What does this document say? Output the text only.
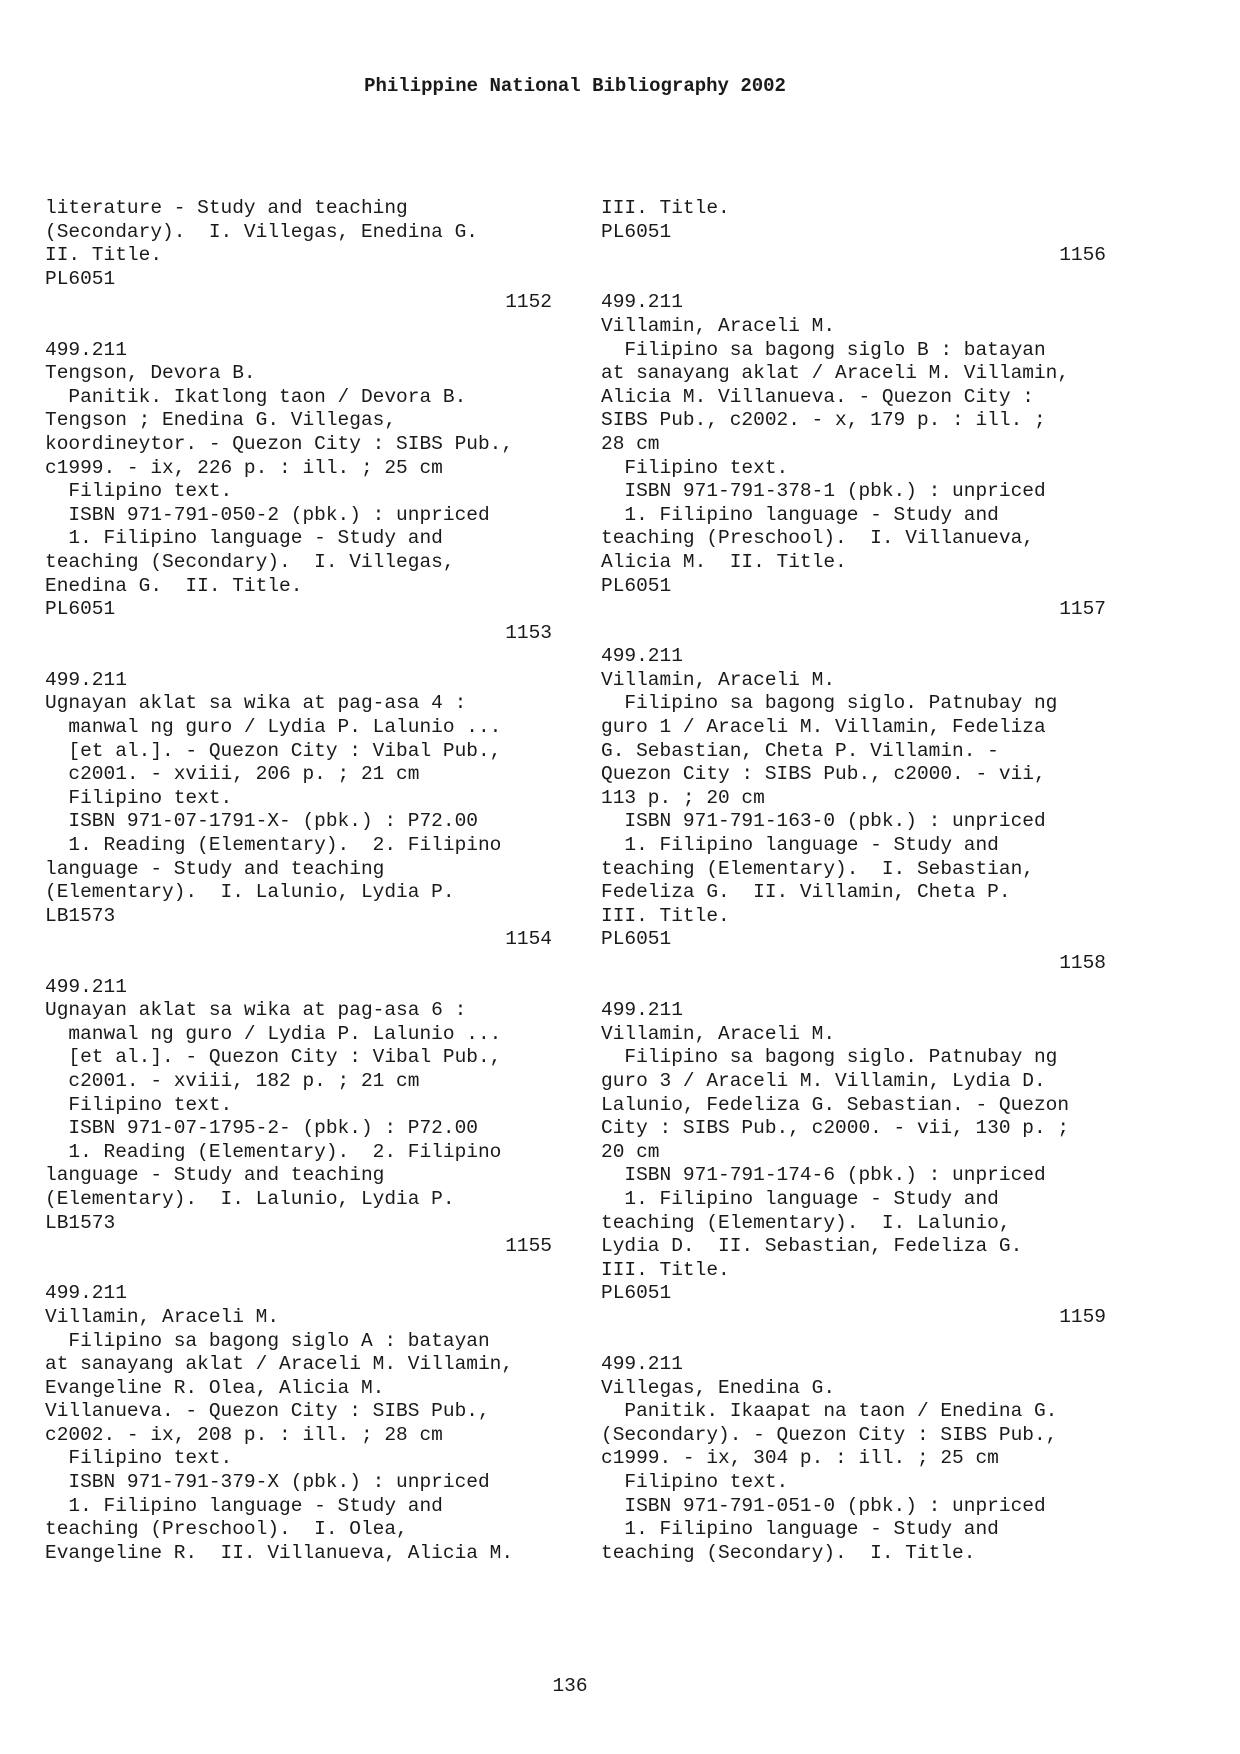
Philippine National Bibliography 2002
literature - Study and teaching
(Secondary).  I. Villegas, Enedina G.
II. Title.
PL6051
1152
499.211
Tengson, Devora B.
Panitik. Ikatlong taon / Devora B.
Tengson ; Enedina G. Villegas,
koordineytor. - Quezon City : SIBS Pub.,
c1999. - ix, 226 p. : ill. ; 25 cm
Filipino text.
ISBN 971-791-050-2 (pbk.) : unpriced
1. Filipino language - Study and
teaching (Secondary).  I. Villegas,
Enedina G.  II. Title.
PL6051
1153
499.211
Ugnayan aklat sa wika at pag-asa 4 :
manwal ng guro / Lydia P. Lalunio ...
[et al.]. - Quezon City : Vibal Pub.,
c2001. - xviii, 206 p. ; 21 cm
Filipino text.
ISBN 971-07-1791-X- (pbk.) : P72.00
1. Reading (Elementary).  2. Filipino
language - Study and teaching
(Elementary).  I. Lalunio, Lydia P.
LB1573
1154
499.211
Ugnayan aklat sa wika at pag-asa 6 :
manwal ng guro / Lydia P. Lalunio ...
[et al.]. - Quezon City : Vibal Pub.,
c2001. - xviii, 182 p. ; 21 cm
Filipino text.
ISBN 971-07-1795-2- (pbk.) : P72.00
1. Reading (Elementary).  2. Filipino
language - Study and teaching
(Elementary).  I. Lalunio, Lydia P.
LB1573
1155
499.211
Villamin, Araceli M.
Filipino sa bagong siglo A : batayan
at sanayang aklat / Araceli M. Villamin,
Evangeline R. Olea, Alicia M.
Villanueva. - Quezon City : SIBS Pub.,
c2002. - ix, 208 p. : ill. ; 28 cm
Filipino text.
ISBN 971-791-379-X (pbk.) : unpriced
1. Filipino language - Study and
teaching (Preschool).  I. Olea,
Evangeline R.  II. Villanueva, Alicia M.
III. Title.
PL6051
1156
499.211
Villamin, Araceli M.
Filipino sa bagong siglo B : batayan
at sanayang aklat / Araceli M. Villamin,
Alicia M. Villanueva. - Quezon City :
SIBS Pub., c2002. - x, 179 p. : ill. ;
28 cm
Filipino text.
ISBN 971-791-378-1 (pbk.) : unpriced
1. Filipino language - Study and
teaching (Preschool).  I. Villanueva,
Alicia M.  II. Title.
PL6051
1157
499.211
Villamin, Araceli M.
Filipino sa bagong siglo. Patnubay ng
guro 1 / Araceli M. Villamin, Fedeliza
G. Sebastian, Cheta P. Villamin. -
Quezon City : SIBS Pub., c2000. - vii,
113 p. ; 20 cm
ISBN 971-791-163-0 (pbk.) : unpriced
1. Filipino language - Study and
teaching (Elementary).  I. Sebastian,
Fedeliza G.  II. Villamin, Cheta P.
III. Title.
PL6051
1158
499.211
Villamin, Araceli M.
Filipino sa bagong siglo. Patnubay ng
guro 3 / Araceli M. Villamin, Lydia D.
Lalunio, Fedeliza G. Sebastian. - Quezon
City : SIBS Pub., c2000. - vii, 130 p. ;
20 cm
ISBN 971-791-174-6 (pbk.) : unpriced
1. Filipino language - Study and
teaching (Elementary).  I. Lalunio,
Lydia D.  II. Sebastian, Fedeliza G.
III. Title.
PL6051
1159
499.211
Villegas, Enedina G.
Panitik. Ikaapat na taon / Enedina G.
(Secondary). - Quezon City : SIBS Pub.,
c1999. - ix, 304 p. : ill. ; 25 cm
Filipino text.
ISBN 971-791-051-0 (pbk.) : unpriced
1. Filipino language - Study and
teaching (Secondary).  I. Title.
136
